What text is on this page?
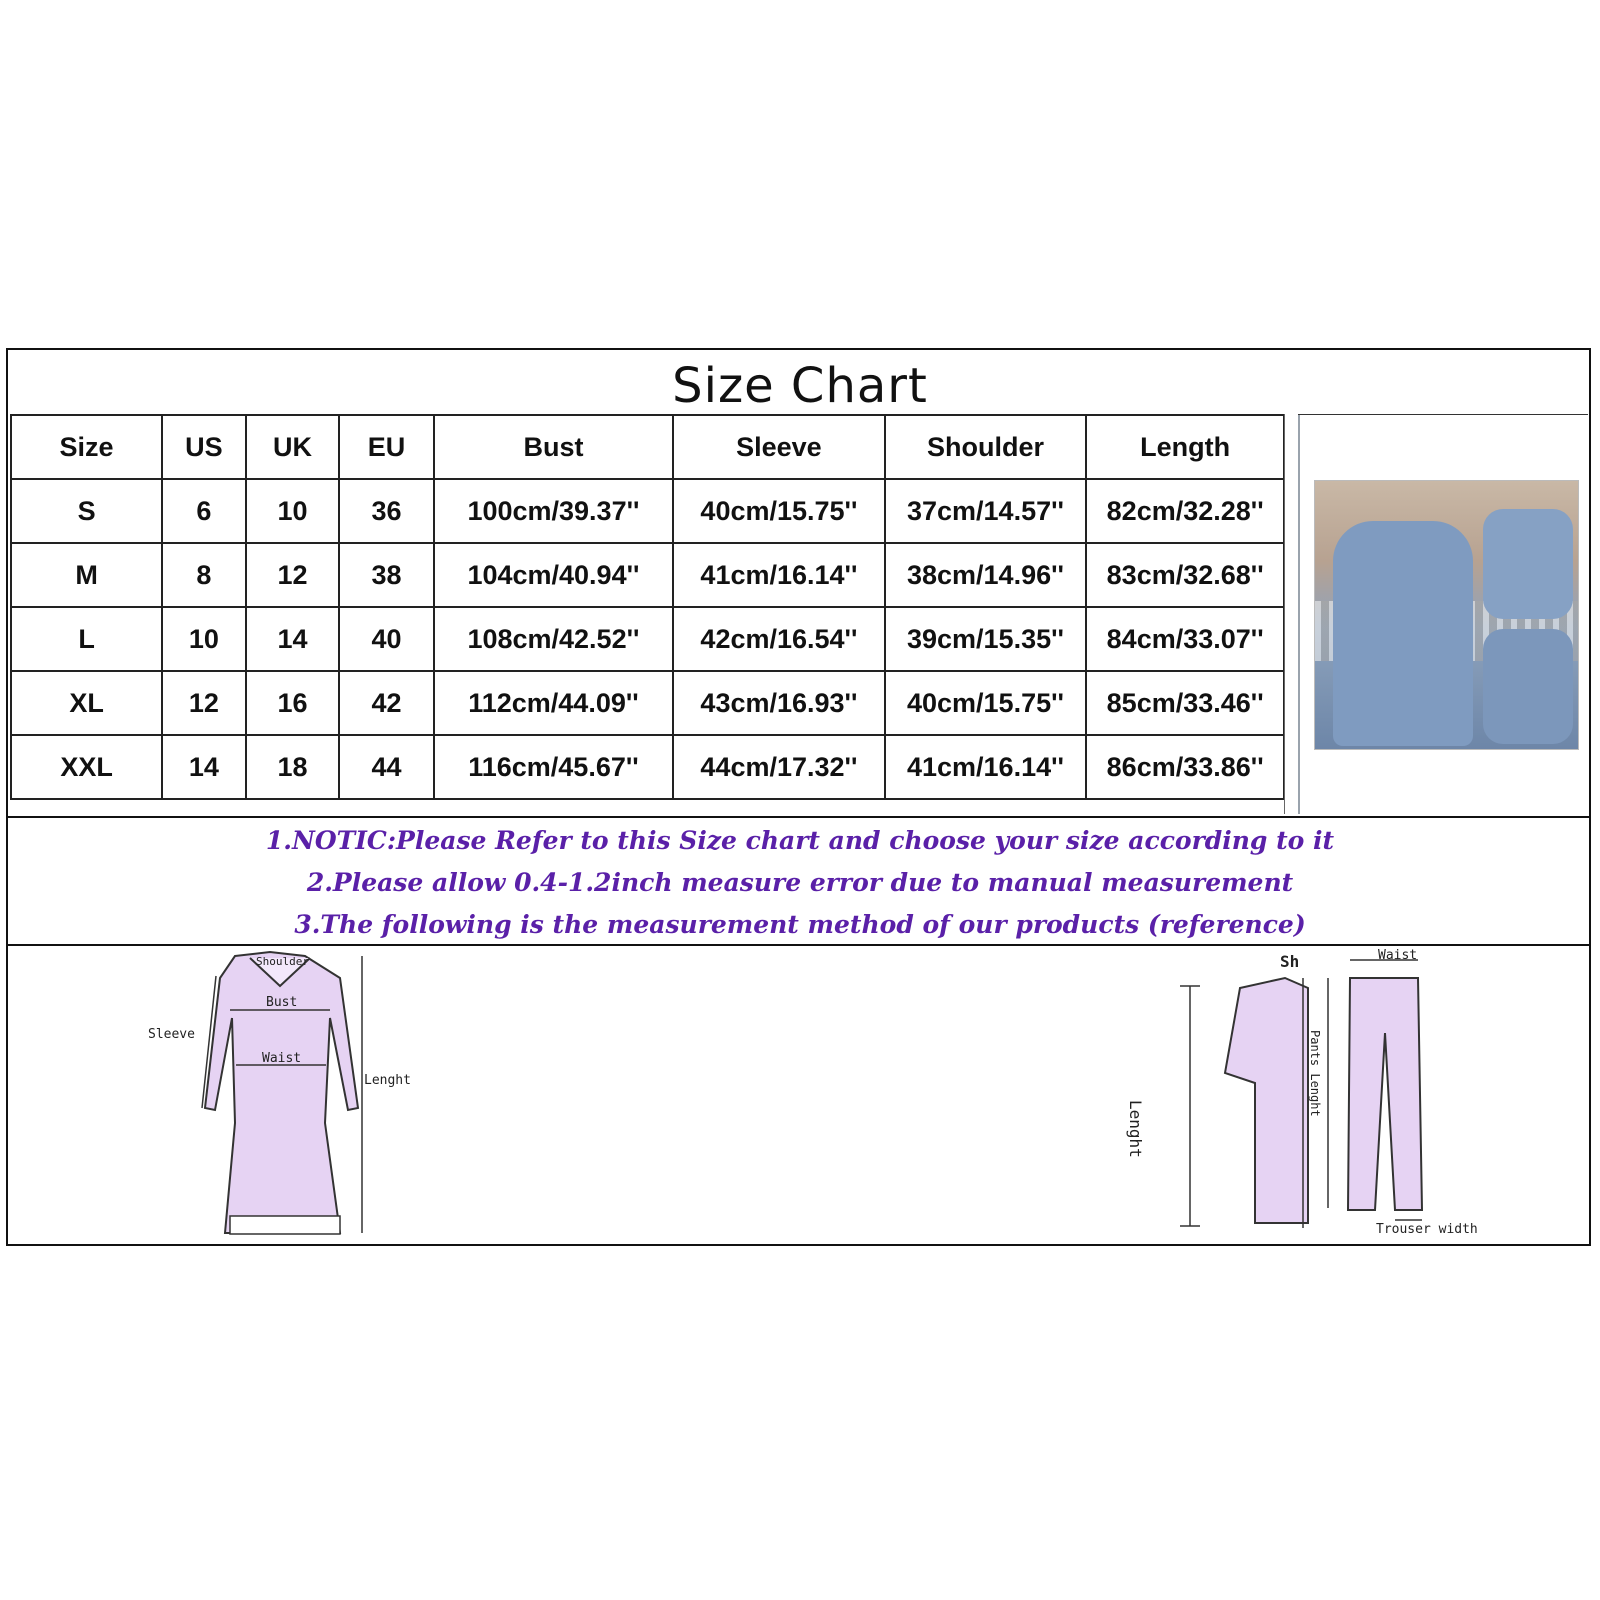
Size Chart
Size	US	UK	EU	Bust	Sleeve	Shoulder	Length
S	6	10	36	100cm/39.37''	40cm/15.75''	37cm/14.57''	82cm/32.28''
M	8	12	38	104cm/40.94''	41cm/16.14''	38cm/14.96''	83cm/32.68''
L	10	14	40	108cm/42.52''	42cm/16.54''	39cm/15.35''	84cm/33.07''
XL	12	16	42	112cm/44.09''	43cm/16.93''	40cm/15.75''	85cm/33.46''
XXL	14	18	44	116cm/45.67''	44cm/17.32''	41cm/16.14''	86cm/33.86''
1.NOTIC:Please Refer to this Size chart and choose your size according to it
2.Please allow 0.4-1.2inch measure error due to manual measurement
3.The following is the measurement method of our products (reference)
Shoulder
Bust
Sleeve
Waist
Lenght
Sh
Lenght
Waist
Pants Lenght
Trouser width
